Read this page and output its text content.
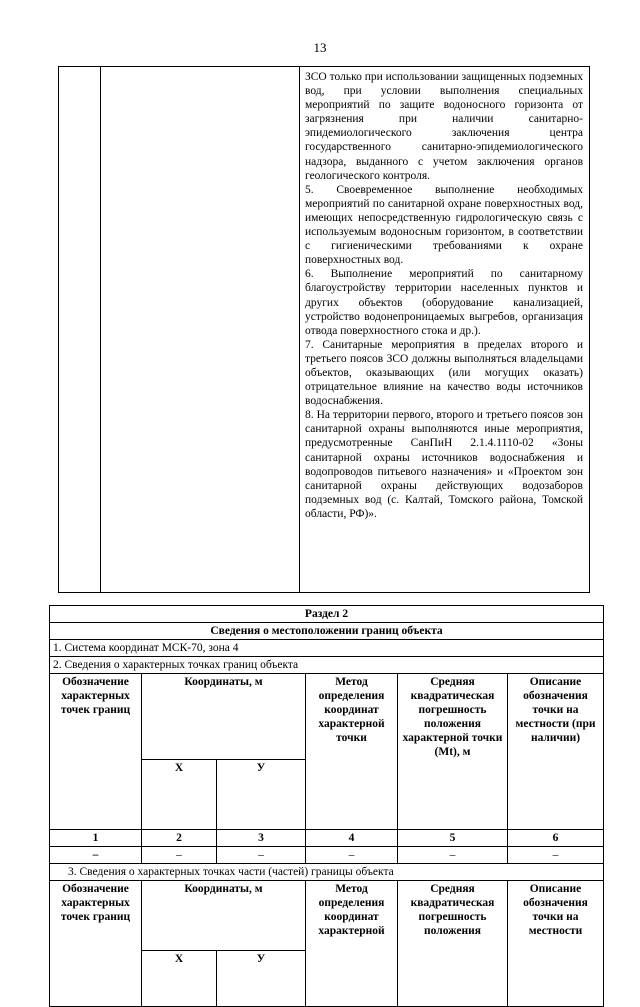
13

ЗСО только при использовании защищенных подземных вод, при условии выполнения специальных мероприятий по защите водоносного горизонта от загрязнения при наличии санитарно- эпидемиологического заключения центра государственного санитарно-эпидемиологического надзора, выданного с учетом заключения органов геологического контроля.

5. Своевременное выполнение необходимых мероприятий по санитарной охране поверхностных вод, имеющих непосредственную гидрологическую связь с используемым водоносным горизонтом, в соответствии с гигиеническими требованиями к охране поверхностных вод.

6. Выполнение мероприятий по санитарному благоустройству территории населенных пунктов и других объектов (оборудование канализацией, устройство водонепроницаемых выгребов, организация отвода поверхностного стока и др.).

7. Санитарные мероприятия в пределах второго и третьего поясов ЗСО должны выполняться владельцами объектов, оказывающих (или могущих оказать) отрицательное влияние на качество воды источников водоснабжения.

8. На территории первого, второго и третьего поясов зон санитарной охраны выполняются иные мероприятия, предусмотренные СанПиН 2.1.4.1110-02 «Зоны санитарной охраны источников водоснабжения и водопроводов питьевого назначения» и «Проектом зон санитарной охраны действующих водозаборов подземных вод (с. Калтай, Томского района, Томской области, РФ)».

Раздел 2					
Сведения о местоположении границ объекта					
1. Система координат МСК-70, зона 4					
2. Сведения о характерных точках границ объекта					
Обозначение характерных точек границ	Координаты, м		Метод определения координат характерной точки	Средняя квадратическая погрешность положения характерной точки (Mt), м	Описание обозначения точки на местности (при наличии)
	Х	У			
1	2	3	4	5	6
–	–	–	–	–	–
3. Сведения о характерных точках части (частей) границы объекта					
Обозначение характерных точек границ	Координаты, м		Метод определения координат характерной	Средняя квадратическая погрешность положения	Описание обозначения точки на местности
	Х	У			
